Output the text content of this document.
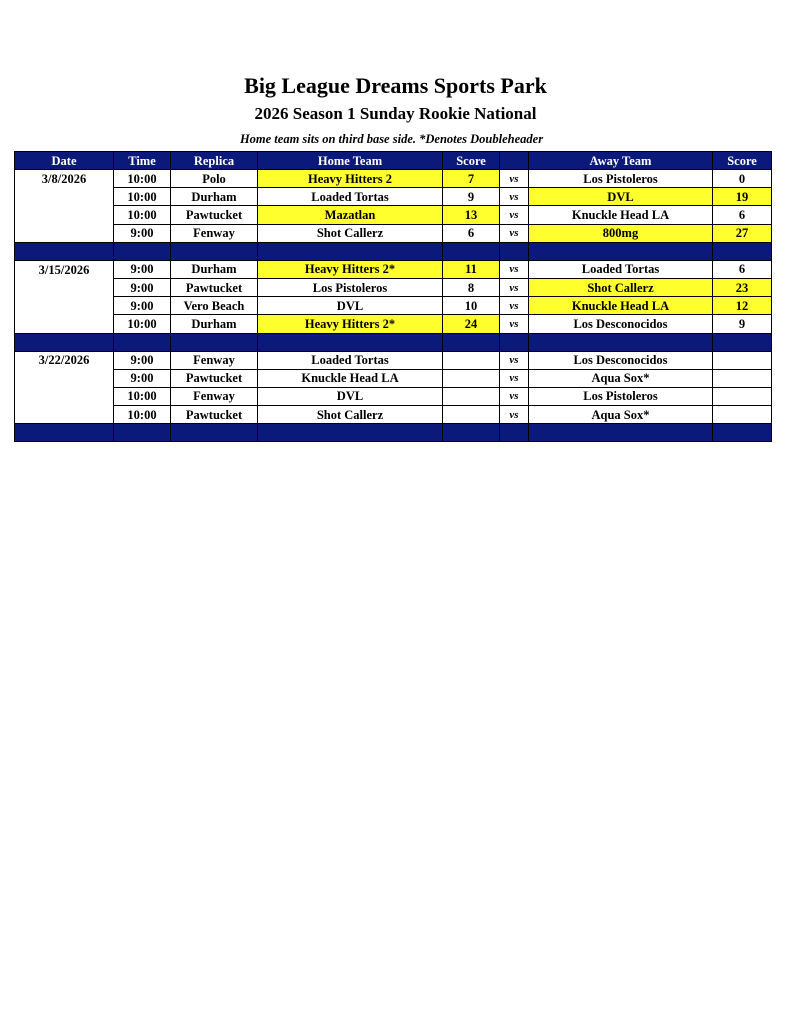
Big League Dreams Sports Park
2026 Season 1 Sunday Rookie National
Home team sits on third base side. *Denotes Doubleheader
Date	Time	Replica	Home Team	Score		Away Team	Score
3/8/2026	10:00	Polo	Heavy Hitters 2	7	vs	Los Pistoleros	0
	10:00	Durham	Loaded Tortas	9	vs	DVL	19
	10:00	Pawtucket	Mazatlan	13	vs	Knuckle Head LA	6
	9:00	Fenway	Shot Callerz	6	vs	800mg	27

3/15/2026	9:00	Durham	Heavy Hitters 2*	11	vs	Loaded Tortas	6
	9:00	Pawtucket	Los Pistoleros	8	vs	Shot Callerz	23
	9:00	Vero Beach	DVL	10	vs	Knuckle Head LA	12
	10:00	Durham	Heavy Hitters 2*	24	vs	Los Desconocidos	9

3/22/2026	9:00	Fenway	Loaded Tortas		vs	Los Desconocidos	
	9:00	Pawtucket	Knuckle Head LA		vs	Aqua Sox*	
	10:00	Fenway	DVL		vs	Los Pistoleros	
	10:00	Pawtucket	Shot Callerz		vs	Aqua Sox*	
